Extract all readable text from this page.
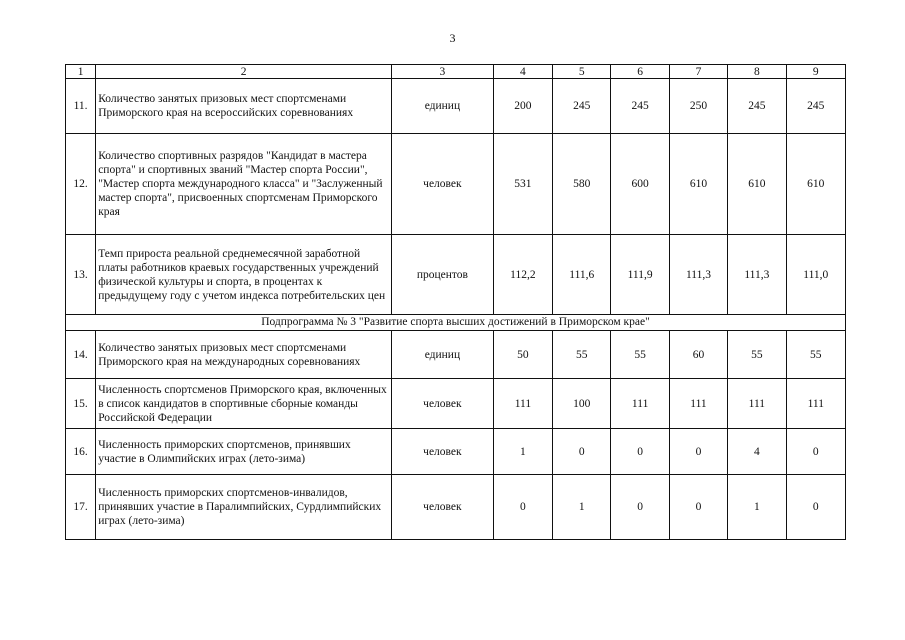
3
1	2	3	4	5	6	7	8	9
11.	Количество занятых призовых мест спортсменами Приморского края на всероссийских соревнованиях	единиц	200	245	245	250	245	245
12.	Количество спортивных разрядов "Кандидат в мастера спорта" и спортивных званий "Мастер спорта России", "Мастер спорта международного класса" и "Заслуженный мастер спорта", присвоенных спортсменам Приморского края	человек	531	580	600	610	610	610
13.	Темп прироста реальной среднемесячной заработной платы работников краевых государственных учреждений физической культуры и спорта, в процентах к предыдущему году с учетом индекса потребительских цен	процентов	112,2	111,6	111,9	111,3	111,3	111,0
Подпрограмма № 3 "Развитие спорта высших достижений в Приморском крае"								
14.	Количество занятых призовых мест спортсменами Приморского края на международных соревнованиях	единиц	50	55	55	60	55	55
15.	Численность спортсменов Приморского края, включенных в список кандидатов в спортивные сборные команды Российской Федерации	человек	111	100	111	111	111	111
16.	Численность приморских спортсменов, принявших участие в Олимпийских играх (лето-зима)	человек	1	0	0	0	4	0
17.	Численность приморских спортсменов-инвалидов, принявших участие в Паралимпийских, Сурдлимпийских играх (лето-зима)	человек	0	1	0	0	1	0
